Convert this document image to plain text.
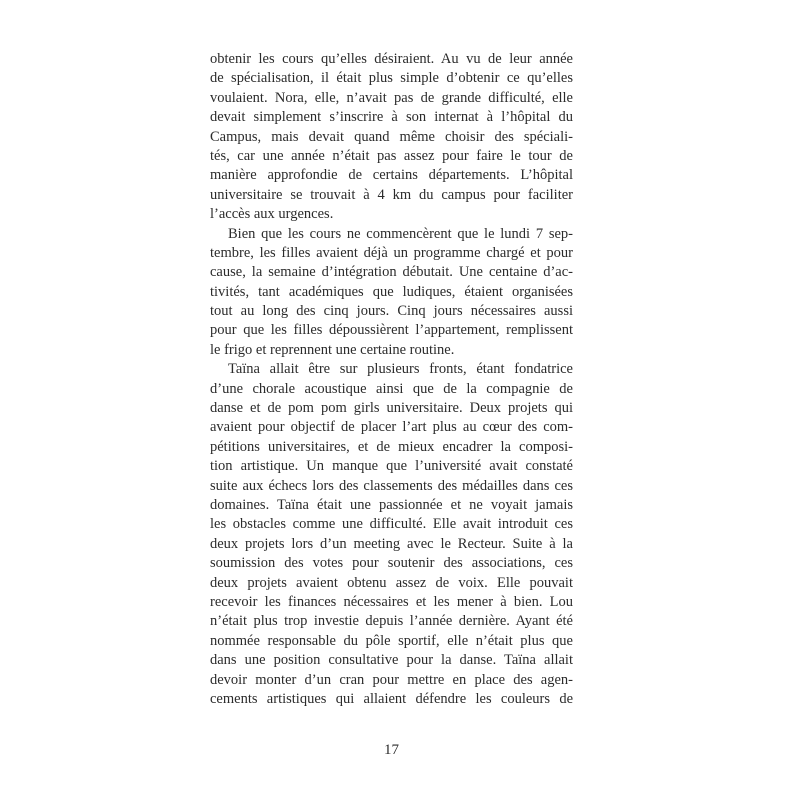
obtenir les cours qu’elles désiraient. Au vu de leur année
de spécialisation, il était plus simple d’obtenir ce qu’elles
voulaient. Nora, elle, n’avait pas de grande difficulté, elle
devait simplement s’inscrire à son internat à l’hôpital du
Campus, mais devait quand même choisir des spéciali-
tés, car une année n’était pas assez pour faire le tour de
manière approfondie de certains départements. L’hôpital
universitaire se trouvait à 4 km du campus pour faciliter
l’accès aux urgences.
Bien que les cours ne commencèrent que le lundi 7 sep-
tembre, les filles avaient déjà un programme chargé et pour
cause, la semaine d’intégration débutait. Une centaine d’ac-
tivités, tant académiques que ludiques, étaient organisées
tout au long des cinq jours. Cinq jours nécessaires aussi
pour que les filles dépoussièrent l’appartement, remplissent
le frigo et reprennent une certaine routine.
Taïna allait être sur plusieurs fronts, étant fondatrice
d’une chorale acoustique ainsi que de la compagnie de
danse et de pom pom girls universitaire. Deux projets qui
avaient pour objectif de placer l’art plus au cœur des com-
pétitions universitaires, et de mieux encadrer la composi-
tion artistique. Un manque que l’université avait constaté
suite aux échecs lors des classements des médailles dans ces
domaines. Taïna était une passionnée et ne voyait jamais
les obstacles comme une difficulté. Elle avait introduit ces
deux projets lors d’un meeting avec le Recteur. Suite à la
soumission des votes pour soutenir des associations, ces
deux projets avaient obtenu assez de voix. Elle pouvait
recevoir les finances nécessaires et les mener à bien. Lou
n’était plus trop investie depuis l’année dernière. Ayant été
nommée responsable du pôle sportif, elle n’était plus que
dans une position consultative pour la danse. Taïna allait
devoir monter d’un cran pour mettre en place des agen-
cements artistiques qui allaient défendre les couleurs de
17
